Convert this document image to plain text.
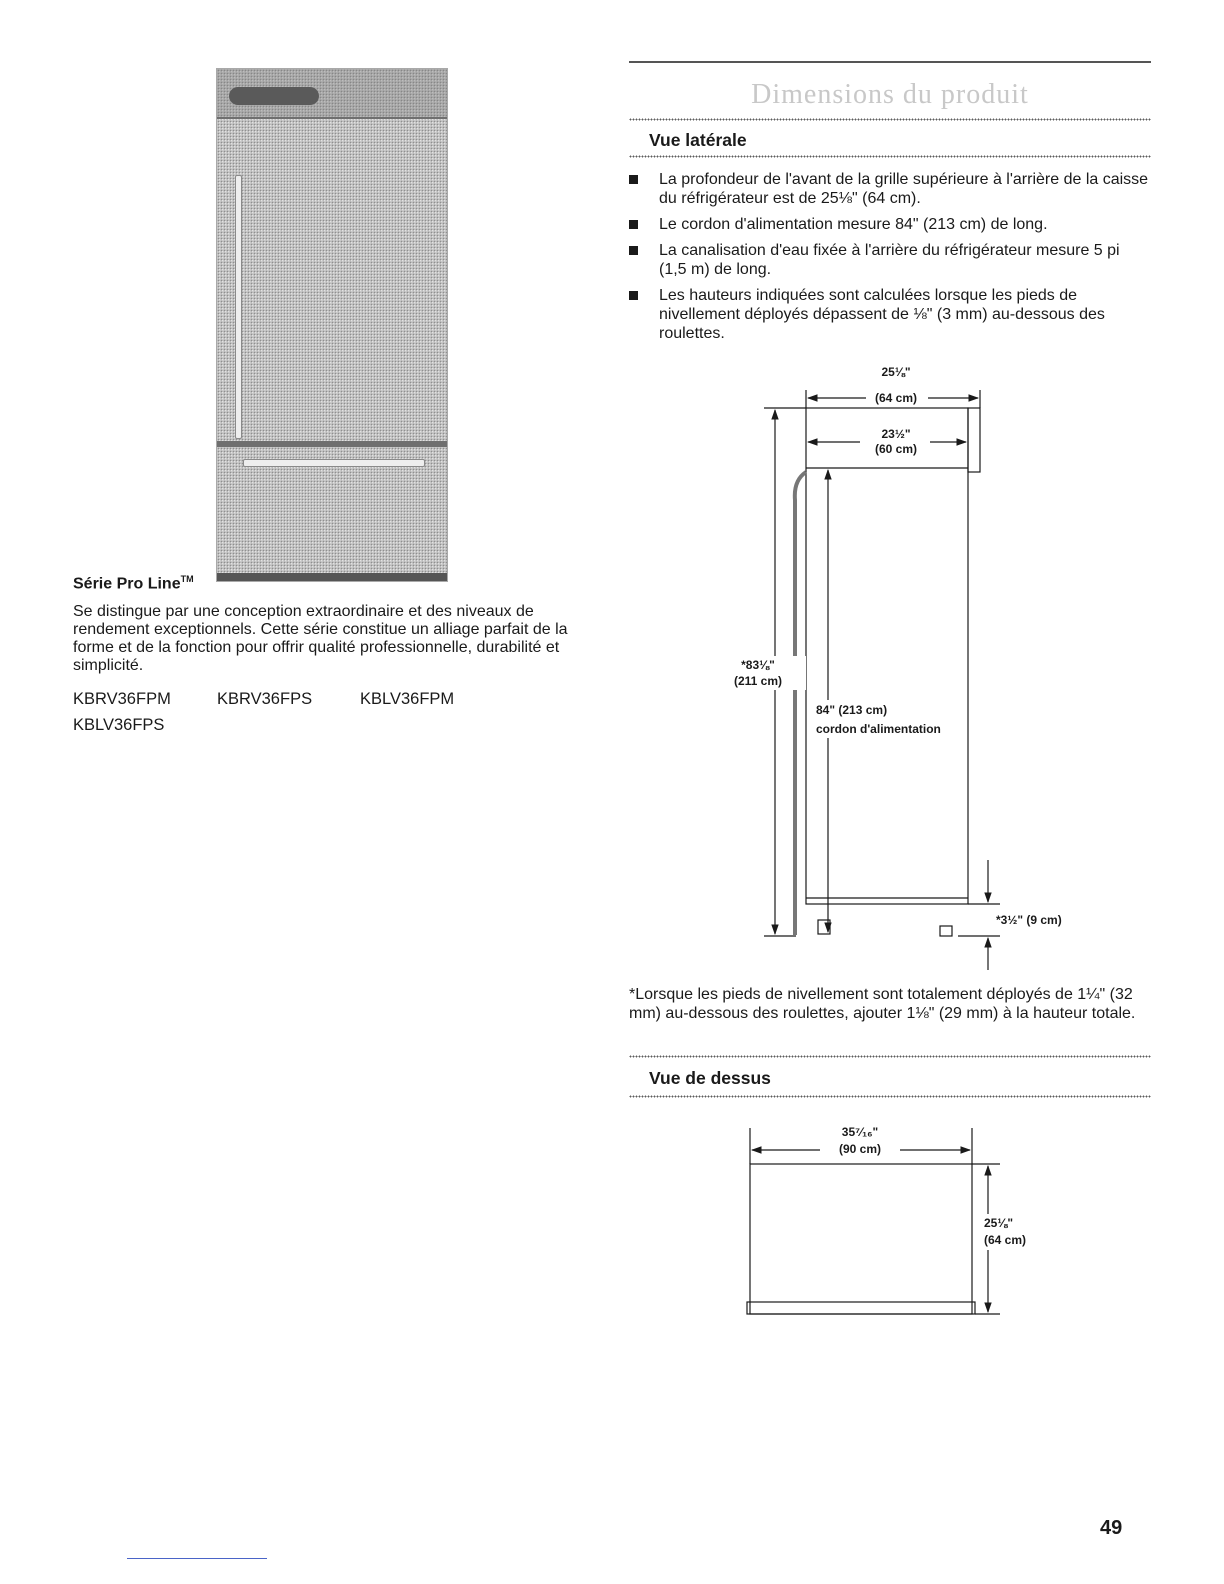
Série Pro Line™
Se distingue par une conception extraordinaire et des niveaux de rendement exceptionnels. Cette série constitue un alliage parfait de la forme et de la fonction pour offrir qualité professionnelle, durabilité et simplicité.
KBRV36FPM	KBRV36FPS	KBLV36FPM
KBLV36FPS
Dimensions du produit
Vue latérale
La profondeur de l'avant de la grille supérieure à l'arrière de la caisse du réfrigérateur est de 25⅛" (64 cm).
Le cordon d'alimentation mesure 84" (213 cm) de long.
La canalisation d'eau fixée à l'arrière du réfrigérateur mesure 5 pi (1,5 m) de long.
Les hauteurs indiquées sont calculées lorsque les pieds de nivellement déployés dépassent de ⅛" (3 mm) au-dessous des roulettes.
25⅛"
(64 cm)
23½"
(60 cm)
*83⅛"
(211 cm)
84" (213 cm)
cordon d'alimentation
*3½" (9 cm)
*Lorsque les pieds de nivellement sont totalement déployés de 1¼" (32 mm) au-dessous des roulettes, ajouter 1⅛" (29 mm) à la hauteur totale.
Vue de dessus
35⁷⁄₁₆"
(90 cm)
25⅛"
(64 cm)
49
